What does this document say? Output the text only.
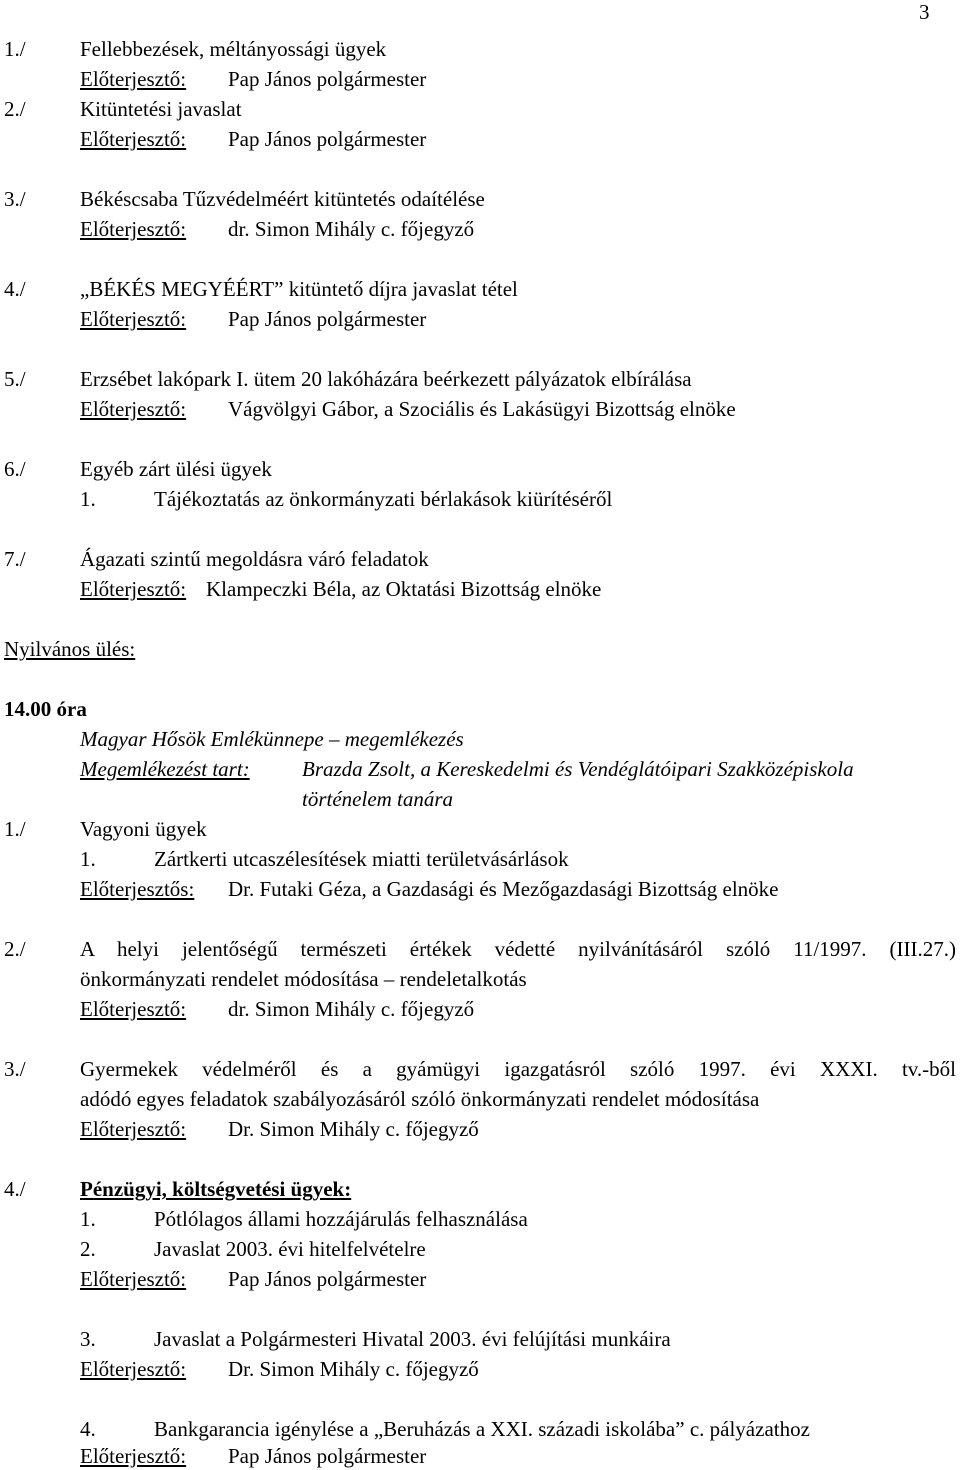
3
1./	Fellebbezések, méltányossági ügyek
Előterjesztő: Pap János polgármester
2./	Kitüntetési javaslat
Előterjesztő: Pap János polgármester
3./	Békéscsaba Tűzvédelméért kitüntetés odaítélése
Előterjesztő: dr. Simon Mihály c. főjegyző
4./	„BÉKÉS MEGYÉÉRT” kitüntető díjra javaslat tétel
Előterjesztő: Pap János polgármester
5./	Erzsébet lakópark I. ütem 20 lakóházára beérkezett pályázatok elbírálása
Előterjesztő: Vágvölgyi Gábor, a Szociális és Lakásügyi Bizottság elnöke
6./	Egyéb zárt ülési ügyek
1.	Tájékoztatás az önkormányzati bérlakások kiürítéséről
7./	Ágazati szintű megoldásra váró feladatok
Előterjesztő: Klampeczki Béla, az Oktatási Bizottság elnöke
Nyilvános ülés:
14.00 óra
Magyar Hősök Emlékünnepe – megemlékezés
Megemlékezést tart: Brazda Zsolt, a Kereskedelmi és Vendéglátóipari Szakközépiskola
történelem tanára
1./	Vagyoni ügyek
1.	Zártkerti utcaszélesítések miatti területvásárlások
Előterjesztős: Dr. Futaki Géza, a Gazdasági és Mezőgazdasági Bizottság elnöke
2./	A helyi jelentőségű természeti értékek védetté nyilvánításáról szóló 11/1997. (III.27.)
önkormányzati rendelet módosítása – rendeletalkotás
Előterjesztő: dr. Simon Mihály c. főjegyző
3./	Gyermekek védelméről és a gyámügyi igazgatásról szóló 1997. évi XXXI. tv.-ből
adódó egyes feladatok szabályozásáról szóló önkormányzati rendelet módosítása
Előterjesztő: Dr. Simon Mihály c. főjegyző
4./	Pénzügyi, költségvetési ügyek:
1.	Pótlólagos állami hozzájárulás felhasználása
2.	Javaslat 2003. évi hitelfelvételre
Előterjesztő: Pap János polgármester
3.	Javaslat a Polgármesteri Hivatal 2003. évi felújítási munkáira
Előterjesztő: Dr. Simon Mihály c. főjegyző
4.	Bankgarancia igénylése a „Beruházás a XXI. századi iskolába” c. pályázathoz
Előterjesztő: Pap János polgármester
